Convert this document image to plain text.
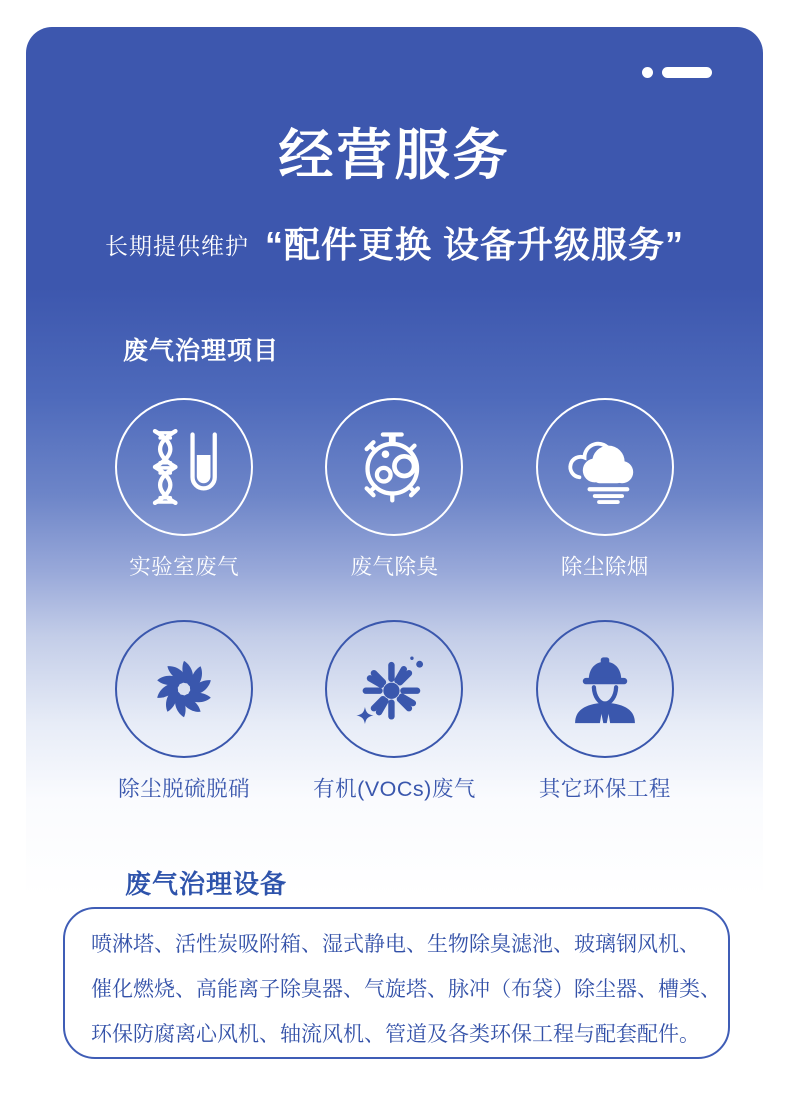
经营服务
长期提供维护 “配件更换 设备升级服务”
废气治理项目
实验室废气	废气除臭	除尘除烟
除尘脱硫脱硝	有机(VOCs)废气	其它环保工程
废气治理设备
喷淋塔、活性炭吸附箱、湿式静电、生物除臭滤池、玻璃钢风机、
催化燃烧、高能离子除臭器、气旋塔、脉冲（布袋）除尘器、槽类、
环保防腐离心风机、轴流风机、管道及各类环保工程与配套配件。
